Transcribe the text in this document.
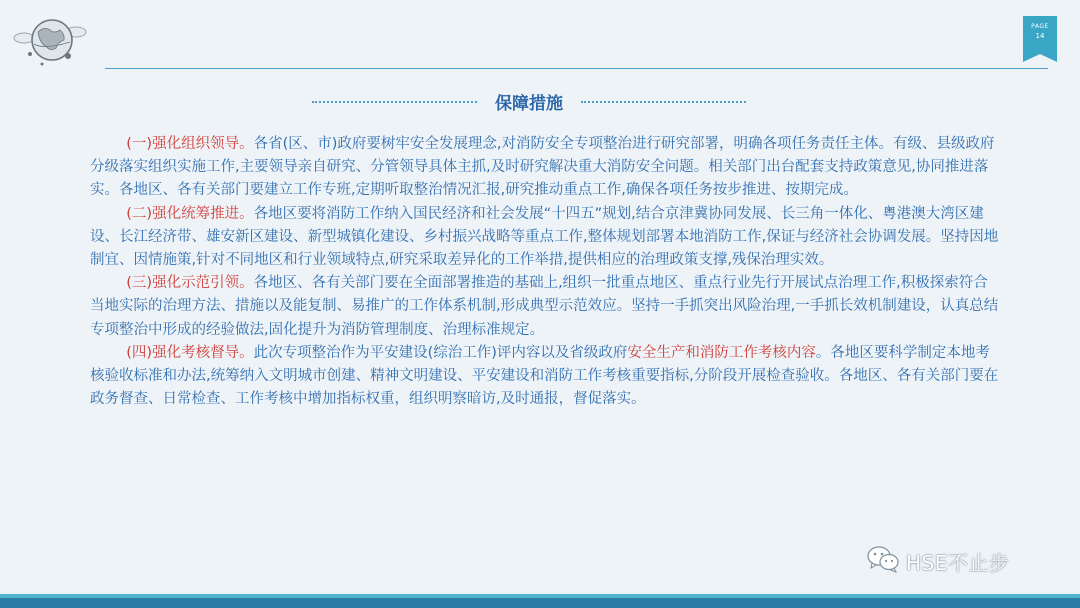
PAGE
14
保障措施

(一)强化组织领导。各省(区、市)政府要树牢安全发展理念,对消防安全专项整治进行研究部署，明确各项任务责任主体。有级、县级政府分级落实组织实施工作,主要领导亲自研究、分管领导具体主抓,及时研究解决重大消防安全问题。相关部门出台配套支持政策意见,协同推进落实。各地区、各有关部门要建立工作专班,定期听取整治情况汇报,研究推动重点工作,确保各项任务按步推进、按期完成。

(二)强化统筹推进。各地区要将消防工作纳入国民经济和社会发展“十四五”规划,结合京津冀协同发展、长三角一体化、粤港澳大湾区建设、长江经济带、雄安新区建设、新型城镇化建设、乡村振兴战略等重点工作,整体规划部署本地消防工作,保证与经济社会协调发展。坚持因地制宜、因情施策,针对不同地区和行业领域特点,研究采取差异化的工作举措,提供相应的治理政策支撑,残保治理实效。

(三)强化示范引领。各地区、各有关部门要在全面部署推造的基础上,组织一批重点地区、重点行业先行开展试点治理工作,积极探索符合当地实际的治理方法、措施以及能复制、易推广的工作体系机制,形成典型示范效应。坚持一手抓突出风险治理,一手抓长效机制建设，认真总结专项整治中形成的经验做法,固化提升为消防管理制度、治理标准规定。

(四)强化考核督导。此次专项整治作为平安建设(综治工作)评内容以及省级政府安全生产和消防工作考核内容。各地区要科学制定本地考核验收标准和办法,统筹纳入文明城市创建、精神文明建设、平安建设和消防工作考核重要指标,分阶段开展检查验收。各地区、各有关部门要在政务督查、日常检查、工作考核中增加指标权重，组织明察暗访,及时通报，督促落实。

HSE不止步
